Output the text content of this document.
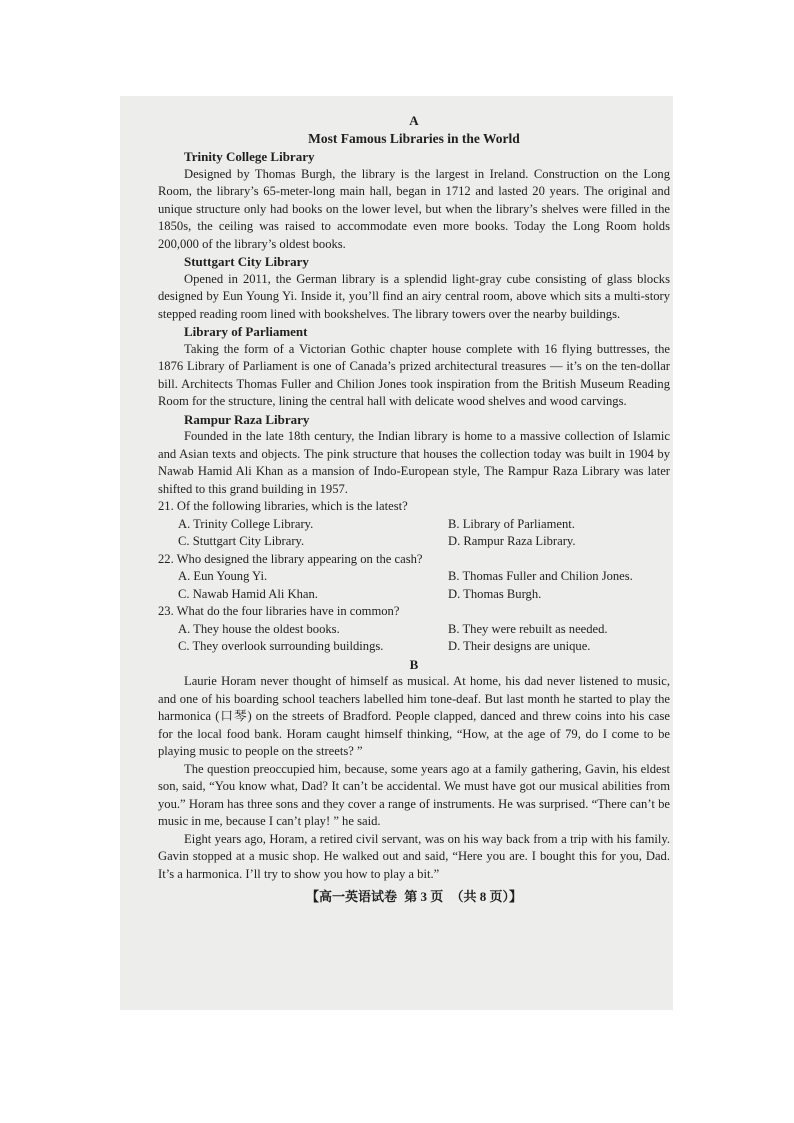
A

Most Famous Libraries in the World

Trinity College Library

Designed by Thomas Burgh, the library is the largest in Ireland. Construction on the Long Room, the library’s 65-meter-long main hall, began in 1712 and lasted 20 years. The original and unique structure only had books on the lower level, but when the library’s shelves were filled in the 1850s, the ceiling was raised to accommodate even more books. Today the Long Room holds 200,000 of the library’s oldest books.

Stuttgart City Library

Opened in 2011, the German library is a splendid light-gray cube consisting of glass blocks designed by Eun Young Yi. Inside it, you’ll find an airy central room, above which sits a multi-story stepped reading room lined with bookshelves. The library towers over the nearby buildings.

Library of Parliament

Taking the form of a Victorian Gothic chapter house complete with 16 flying buttresses, the 1876 Library of Parliament is one of Canada’s prized architectural treasures — it’s on the ten-dollar bill. Architects Thomas Fuller and Chilion Jones took inspiration from the British Museum Reading Room for the structure, lining the central hall with delicate wood shelves and wood carvings.

Rampur Raza Library

Founded in the late 18th century, the Indian library is home to a massive collection of Islamic and Asian texts and objects. The pink structure that houses the collection today was built in 1904 by Nawab Hamid Ali Khan as a mansion of Indo-European style, The Rampur Raza Library was later shifted to this grand building in 1957.

21. Of the following libraries, which is the latest?

A. Trinity College Library.	B. Library of Parliament.
C. Stuttgart City Library.	D. Rampur Raza Library.

22. Who designed the library appearing on the cash?

A. Eun Young Yi.	B. Thomas Fuller and Chilion Jones.
C. Nawab Hamid Ali Khan.	D. Thomas Burgh.

23. What do the four libraries have in common?

A. They house the oldest books.	B. They were rebuilt as needed.
C. They overlook surrounding buildings.	D. Their designs are unique.

B

Laurie Horam never thought of himself as musical. At home, his dad never listened to music, and one of his boarding school teachers labelled him tone-deaf. But last month he started to play the harmonica (口琴) on the streets of Bradford. People clapped, danced and threw coins into his case for the local food bank. Horam caught himself thinking, “How, at the age of 79, do I come to be playing music to people on the streets? ”

The question preoccupied him, because, some years ago at a family gathering, Gavin, his eldest son, said, “You know what, Dad? It can’t be accidental. We must have got our musical abilities from you.” Horam has three sons and they cover a range of instruments. He was surprised. “There can’t be music in me, because I can’t play! ” he said.

Eight years ago, Horam, a retired civil servant, was on his way back from a trip with his family. Gavin stopped at a music shop. He walked out and said, “Here you are. I bought this for you, Dad. It’s a harmonica. I’ll try to show you how to play a bit.”

【高一英语试卷 第 3 页 （共 8 页）】
